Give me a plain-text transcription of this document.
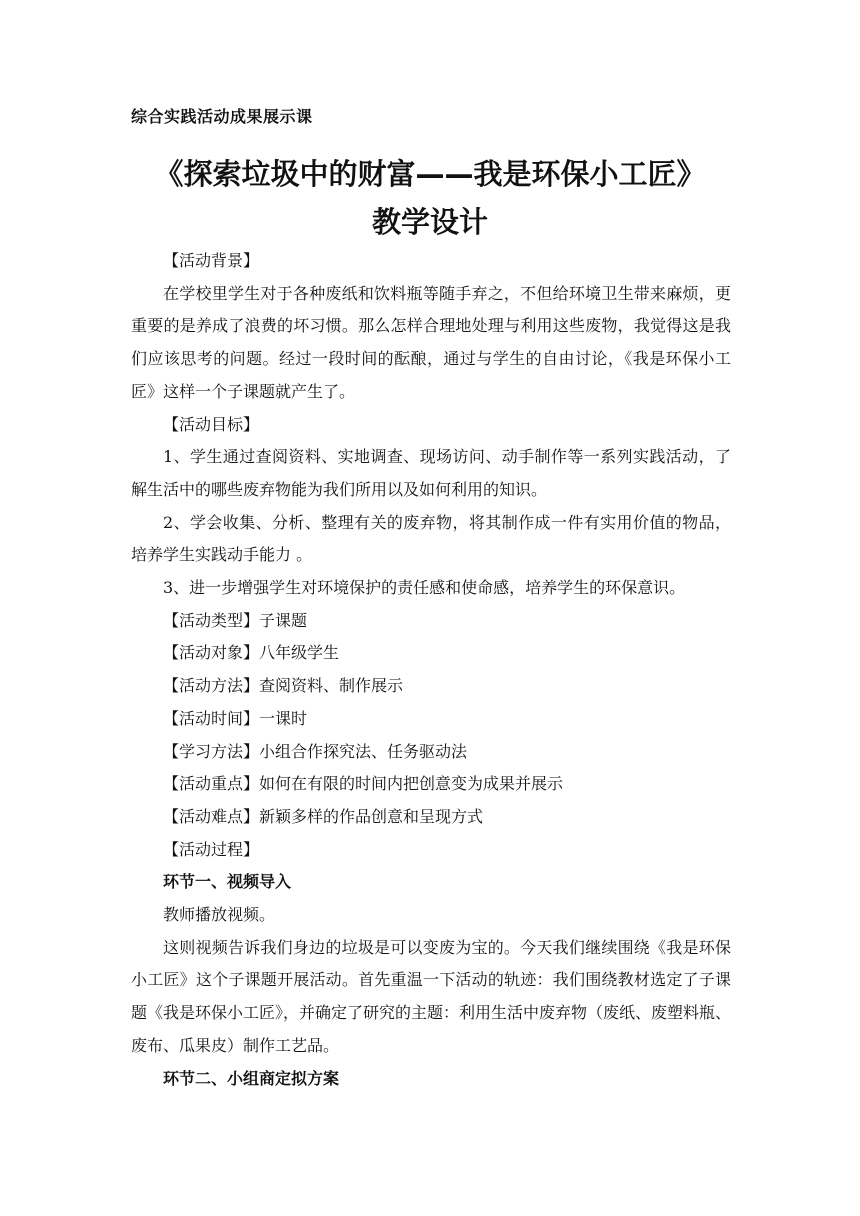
综合实践活动成果展示课
《探索垃圾中的财富——我是环保小工匠》
教学设计

【活动背景】

在学校里学生对于各种废纸和饮料瓶等随手弃之，不但给环境卫生带来麻烦，更重要的是养成了浪费的坏习惯。那么怎样合理地处理与利用这些废物，我觉得这是我们应该思考的问题。经过一段时间的酝酿，通过与学生的自由讨论，《我是环保小工匠》这样一个子课题就产生了。

【活动目标】

1、学生通过查阅资料、实地调查、现场访问、动手制作等一系列实践活动，了解生活中的哪些废弃物能为我们所用以及如何利用的知识。

2、学会收集、分析、整理有关的废弃物，将其制作成一件有实用价值的物品，培养学生实践动手能力 。

3、进一步增强学生对环境保护的责任感和使命感，培养学生的环保意识。

【活动类型】子课题

【活动对象】八年级学生

【活动方法】查阅资料、制作展示

【活动时间】一课时

【学习方法】小组合作探究法、任务驱动法

【活动重点】如何在有限的时间内把创意变为成果并展示

【活动难点】新颖多样的作品创意和呈现方式

【活动过程】

环节一、视频导入

教师播放视频。

这则视频告诉我们身边的垃圾是可以变废为宝的。今天我们继续围绕《我是环保小工匠》这个子课题开展活动。首先重温一下活动的轨迹：我们围绕教材选定了子课题《我是环保小工匠》，并确定了研究的主题：利用生活中废弃物（废纸、废塑料瓶、废布、瓜果皮）制作工艺品。

环节二、小组商定拟方案
